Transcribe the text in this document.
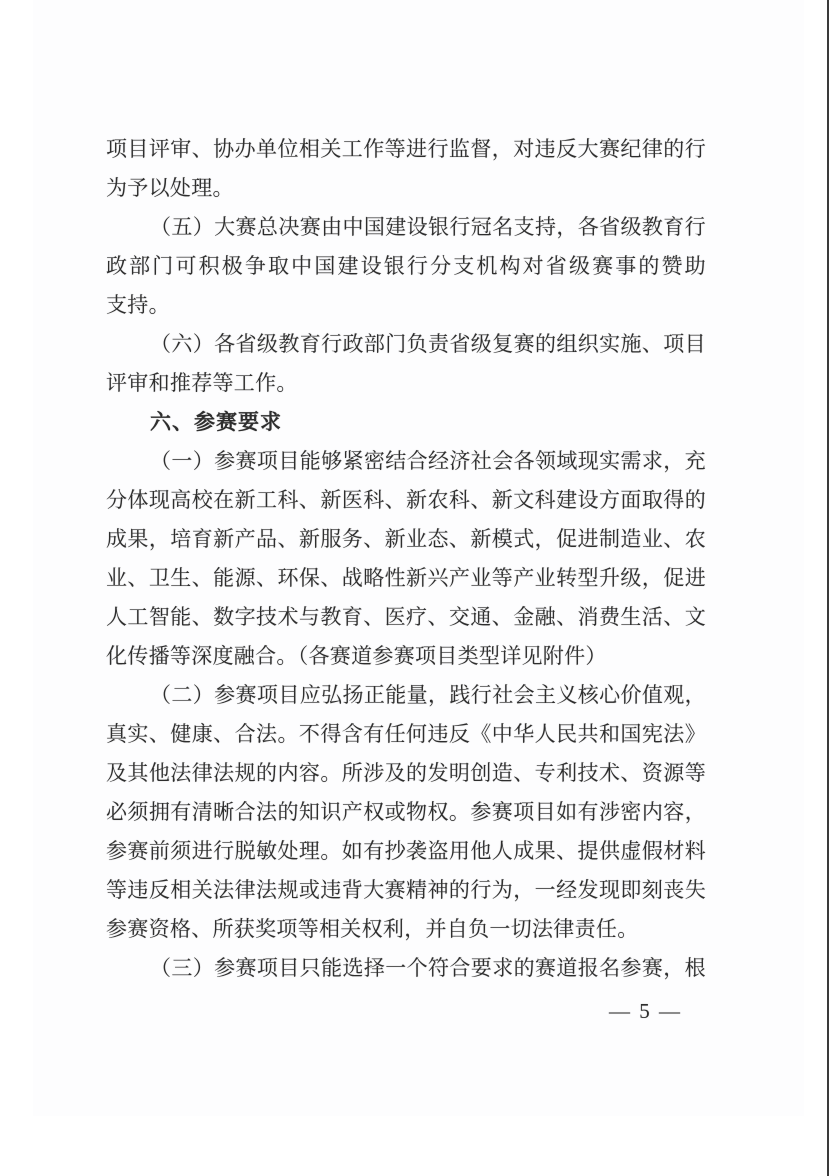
项目评审、协办单位相关工作等进行监督，对违反大赛纪律的行
为予以处理。
（五）大赛总决赛由中国建设银行冠名支持，各省级教育行
政部门可积极争取中国建设银行分支机构对省级赛事的赞助
支持。
（六）各省级教育行政部门负责省级复赛的组织实施、项目
评审和推荐等工作。
六、参赛要求
（一）参赛项目能够紧密结合经济社会各领域现实需求，充
分体现高校在新工科、新医科、新农科、新文科建设方面取得的
成果，培育新产品、新服务、新业态、新模式，促进制造业、农
业、卫生、能源、环保、战略性新兴产业等产业转型升级，促进
人工智能、数字技术与教育、医疗、交通、金融、消费生活、文
化传播等深度融合。（各赛道参赛项目类型详见附件）
（二）参赛项目应弘扬正能量，践行社会主义核心价值观，
真实、健康、合法。不得含有任何违反《中华人民共和国宪法》
及其他法律法规的内容。所涉及的发明创造、专利技术、资源等
必须拥有清晰合法的知识产权或物权。参赛项目如有涉密内容，
参赛前须进行脱敏处理。如有抄袭盗用他人成果、提供虚假材料
等违反相关法律法规或违背大赛精神的行为，一经发现即刻丧失
参赛资格、所获奖项等相关权利，并自负一切法律责任。
（三）参赛项目只能选择一个符合要求的赛道报名参赛，根
— 5 —
